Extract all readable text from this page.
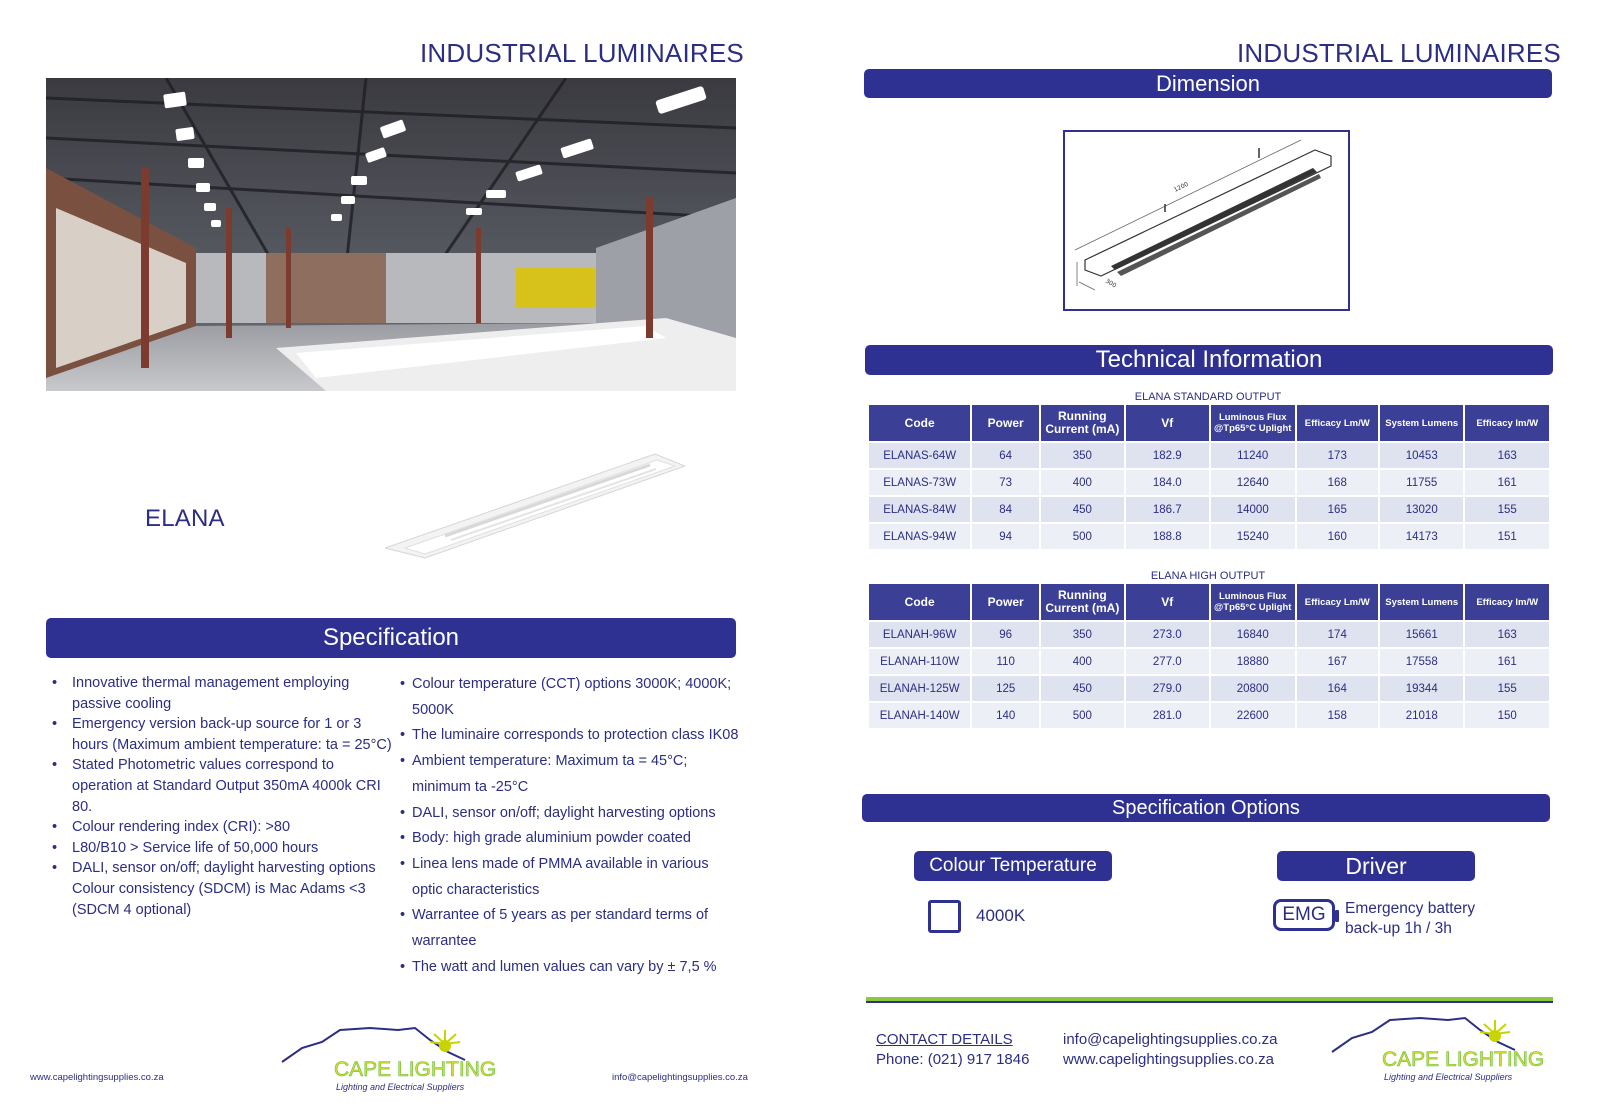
INDUSTRIAL LUMINAIRES
ELANA
Specification
• Innovative thermal management employing passive cooling
• Emergency version back-up source for 1 or 3 hours (Maximum ambient temperature: ta = 25°C)
• Stated Photometric values correspond to operation at Standard Output 350mA 4000k CRI 80.
• Colour rendering index (CRI): >80
• L80/B10 > Service life of 50,000 hours
• DALI, sensor on/off; daylight harvesting options Colour consistency (SDCM) is Mac Adams <3 (SDCM 4 optional)
• Colour temperature (CCT) options 3000K; 4000K; 5000K
• The luminaire corresponds to protection class IK08
• Ambient temperature: Maximum ta = 45°C; minimum ta -25°C
• DALI, sensor on/off; daylight harvesting options
• Body: high grade aluminium powder coated
• Linea lens made of PMMA available in various optic characteristics
• Warrantee of 5 years as per standard terms of warrantee
• The watt and lumen values can vary by ± 7,5 %
www.capelightingsupplies.co.za	info@capelightingsupplies.co.za
CAPE LIGHTING
Lighting and Electrical Suppliers
INDUSTRIAL LUMINAIRES
Dimension
1200
300
Technical Information
ELANA STANDARD OUTPUT
Code	Power	Running Current (mA)	Vf	Luminous Flux @Tp65°C Uplight	Efficacy Lm/W	System Lumens	Efficacy lm/W
ELANAS-64W	64	350	182.9	11240	173	10453	163
ELANAS-73W	73	400	184.0	12640	168	11755	161
ELANAS-84W	84	450	186.7	14000	165	13020	155
ELANAS-94W	94	500	188.8	15240	160	14173	151
ELANA HIGH OUTPUT
Code	Power	Running Current (mA)	Vf	Luminous Flux @Tp65°C Uplight	Efficacy Lm/W	System Lumens	Efficacy lm/W
ELANAH-96W	96	350	273.0	16840	174	15661	163
ELANAH-110W	110	400	277.0	18880	167	17558	161
ELANAH-125W	125	450	279.0	20800	164	19344	155
ELANAH-140W	140	500	281.0	22600	158	21018	150
Specification Options
Colour Temperature
4000K
Driver
EMG	Emergency battery
back-up 1h / 3h
CONTACT DETAILS
Phone: (021) 917 1846
info@capelightingsupplies.co.za
www.capelightingsupplies.co.za	CAPE LIGHTING
Lighting and Electrical Suppliers
